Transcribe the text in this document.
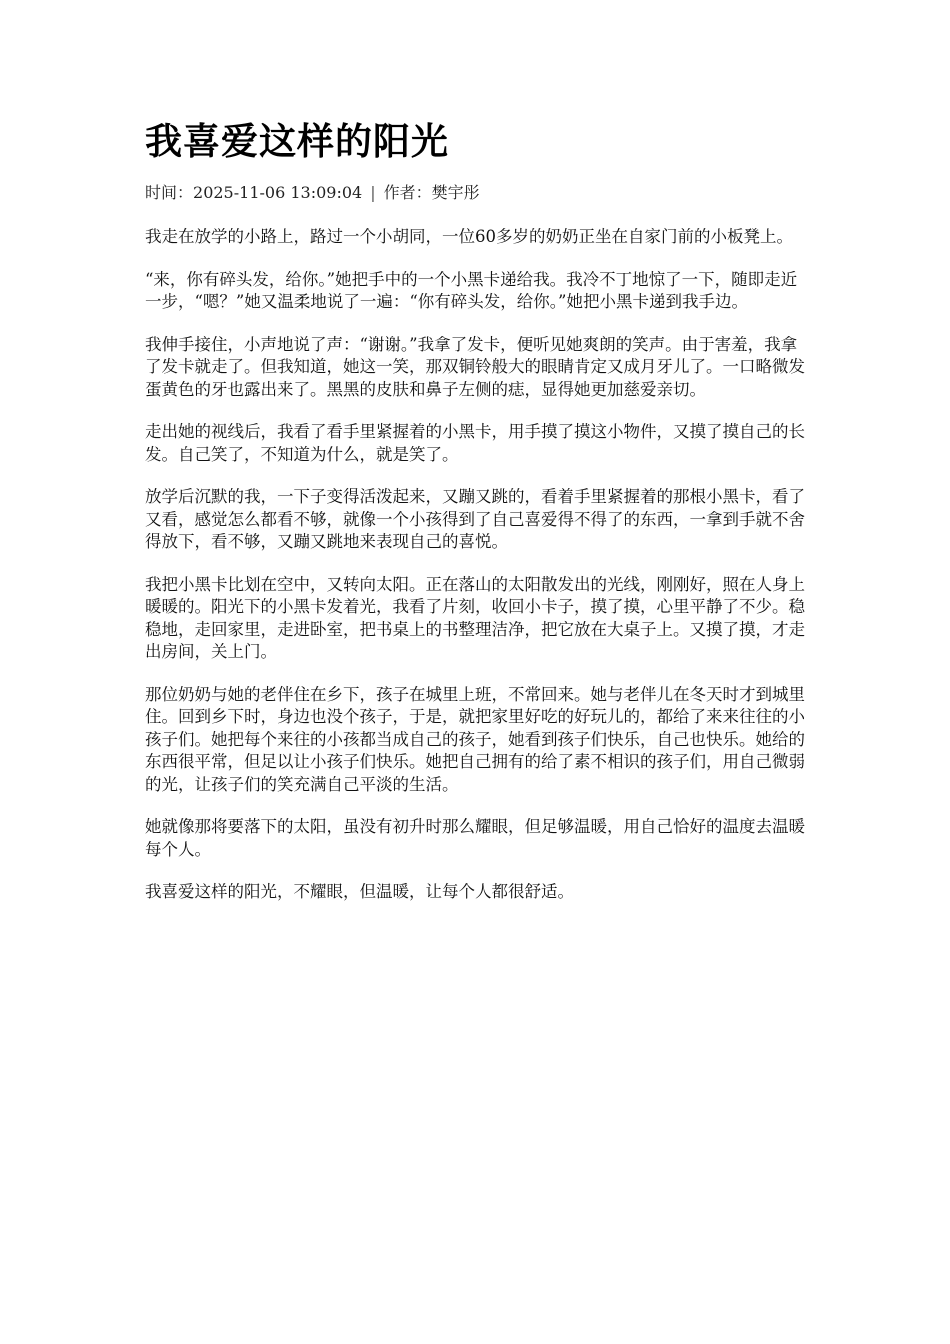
我喜爱这样的阳光
时间：2025-11-06 13:09:04 | 作者：樊宇彤

我走在放学的小路上，路过一个小胡同，一位60多岁的奶奶正坐在自家门前的小板凳上。

“来，你有碎头发，给你。”她把手中的一个小黑卡递给我。我冷不丁地惊了一下，随即走近一步，“嗯？”她又温柔地说了一遍：“你有碎头发，给你。”她把小黑卡递到我手边。

我伸手接住，小声地说了声：“谢谢。”我拿了发卡，便听见她爽朗的笑声。由于害羞，我拿了发卡就走了。但我知道，她这一笑，那双铜铃般大的眼睛肯定又成月牙儿了。一口略微发蛋黄色的牙也露出来了。黑黑的皮肤和鼻子左侧的痣，显得她更加慈爱亲切。

走出她的视线后，我看了看手里紧握着的小黑卡，用手摸了摸这小物件，又摸了摸自己的长发。自己笑了，不知道为什么，就是笑了。

放学后沉默的我，一下子变得活泼起来，又蹦又跳的，看着手里紧握着的那根小黑卡，看了又看，感觉怎么都看不够，就像一个小孩得到了自己喜爱得不得了的东西，一拿到手就不舍得放下，看不够，又蹦又跳地来表现自己的喜悦。

我把小黑卡比划在空中，又转向太阳。正在落山的太阳散发出的光线，刚刚好，照在人身上暖暖的。阳光下的小黑卡发着光，我看了片刻，收回小卡子，摸了摸，心里平静了不少。稳稳地，走回家里，走进卧室，把书桌上的书整理洁净，把它放在大桌子上。又摸了摸，才走出房间，关上门。

那位奶奶与她的老伴住在乡下，孩子在城里上班，不常回来。她与老伴儿在冬天时才到城里住。回到乡下时，身边也没个孩子，于是，就把家里好吃的好玩儿的，都给了来来往往的小孩子们。她把每个来往的小孩都当成自己的孩子，她看到孩子们快乐，自己也快乐。她给的东西很平常，但足以让小孩子们快乐。她把自己拥有的给了素不相识的孩子们，用自己微弱的光，让孩子们的笑充满自己平淡的生活。

她就像那将要落下的太阳，虽没有初升时那么耀眼，但足够温暖，用自己恰好的温度去温暖每个人。

我喜爱这样的阳光，不耀眼，但温暖，让每个人都很舒适。
